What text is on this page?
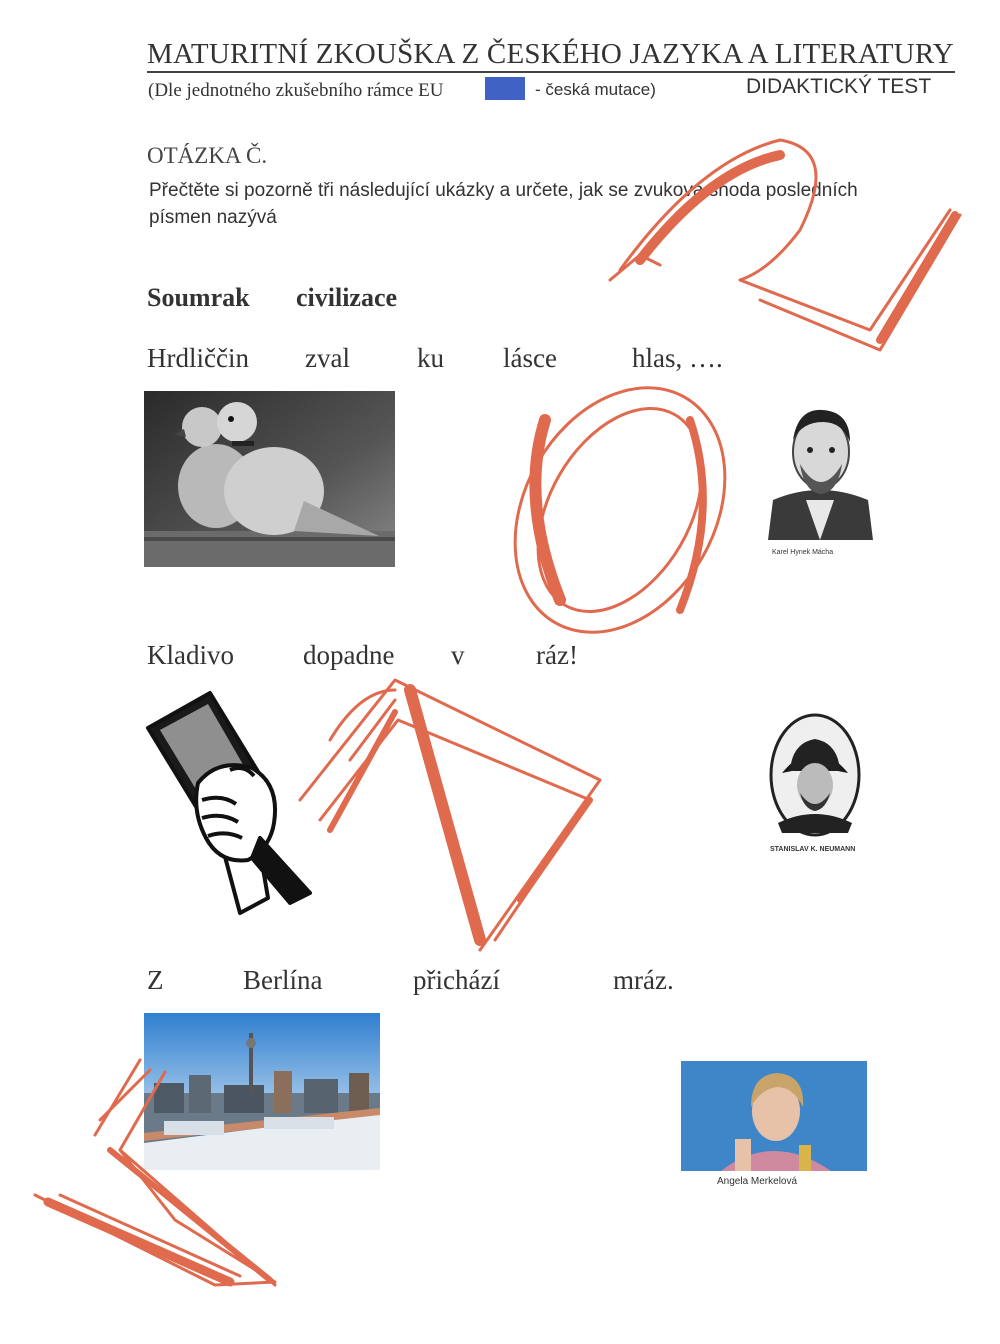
MATURITNÍ ZKOUŠKA Z ČESKÉHO JAZYKA A LITERATURY
(Dle jednotného zkušebního rámce EU	- česká mutace)	DIDAKTICKÝ TEST
OTÁZKA Č.
Přečtěte si pozorně tři následující ukázky a určete, jak se zvuková shoda posledních písmen nazývá
Soumrak civilizace
Hrdliččin zval ku lásce	hlas, ….
Karel Hynek Mácha
Kladivo	dopadne v	ráz!
STANISLAV K. NEUMANN
Z	Berlína	přichází	mráz.
Angela Merkelová
